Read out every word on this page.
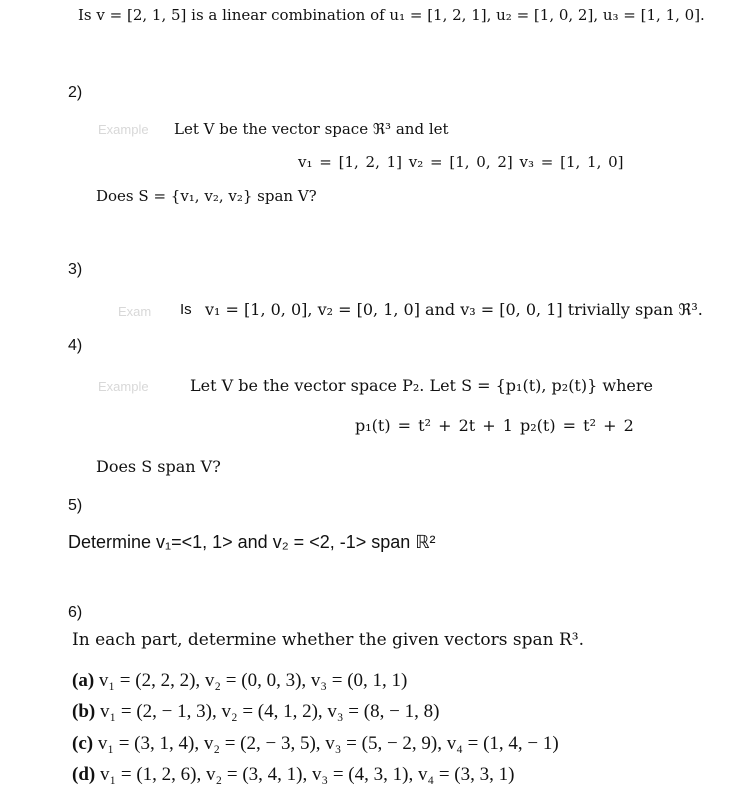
Is v = [2, 1, 5] is a linear combination of u₁ = [1, 2, 1], u₂ = [1, 0, 2], u₃ = [1, 1, 0].
2)
Example Let V be the vector space ℜ³ and let
v₁ = [1, 2, 1] v₂ = [1, 0, 2] v₃ = [1, 1, 0]
Does S = {v₁, v₂, v₂} span V?
3)
Exam Is v₁ = [1, 0, 0], v₂ = [0, 1, 0] and v₃ = [0, 0, 1] trivially span ℜ³.
4)
Example	Let V be the vector space P₂. Let S = {p₁(t), p₂(t)} where
p₁(t) = t² + 2t + 1 p₂(t) = t² + 2
Does S span V?
5)
Determine v₁=<1, 1> and v₂ = <2, -1> span ℝ²
6)
In each part, determine whether the given vectors span R³.
(a) v₁ = (2, 2, 2), v₂ = (0, 0, 3), v₃ = (0, 1, 1)
(b) v₁ = (2, − 1, 3), v₂ = (4, 1, 2), v₃ = (8, − 1, 8)
(c) v₁ = (3, 1, 4), v₂ = (2, − 3, 5), v₃ = (5, − 2, 9), v₄ = (1, 4, − 1)
(d) v₁ = (1, 2, 6), v₂ = (3, 4, 1), v₃ = (4, 3, 1), v₄ = (3, 3, 1)
